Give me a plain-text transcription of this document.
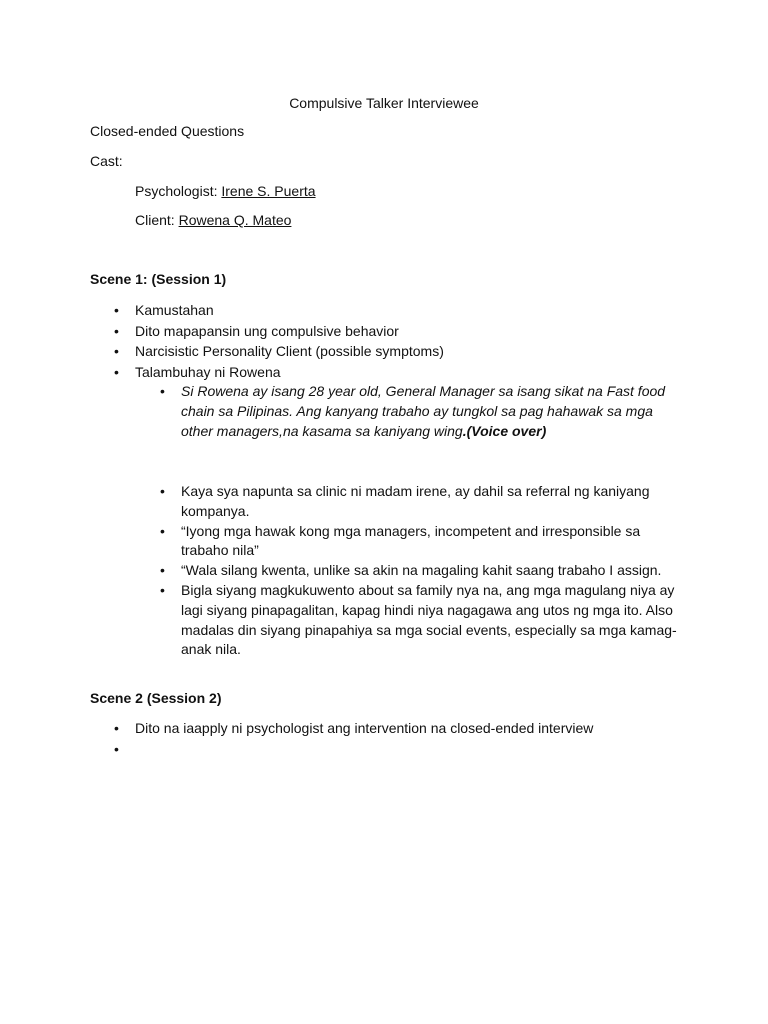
Compulsive Talker Interviewee
Closed-ended Questions
Cast:
Psychologist: Irene S. Puerta
Client: Rowena Q. Mateo
Scene 1: (Session 1)
• Kamustahan
• Dito mapapansin ung compulsive behavior
• Narcisistic Personality Client (possible symptoms)
• Talambuhay ni Rowena
• Si Rowena ay isang 28 year old, General Manager sa isang sikat na Fast food chain sa Pilipinas. Ang kanyang trabaho ay tungkol sa pag hahawak sa mga other managers,na kasama sa kaniyang wing.(Voice over)
• Kaya sya napunta sa clinic ni madam irene, ay dahil sa referral ng kaniyang kompanya.
• “Iyong mga hawak kong mga managers, incompetent and irresponsible sa trabaho nila”
• “Wala silang kwenta, unlike sa akin na magaling kahit saang trabaho I assign.
• Bigla siyang magkukuwento about sa family nya na, ang mga magulang niya ay lagi siyang pinapagalitan, kapag hindi niya nagagawa ang utos ng mga ito. Also madalas din siyang pinapahiya sa mga social events, especially sa mga kamag-anak nila.
Scene 2 (Session 2)
• Dito na iaapply ni psychologist ang intervention na closed-ended interview
•
